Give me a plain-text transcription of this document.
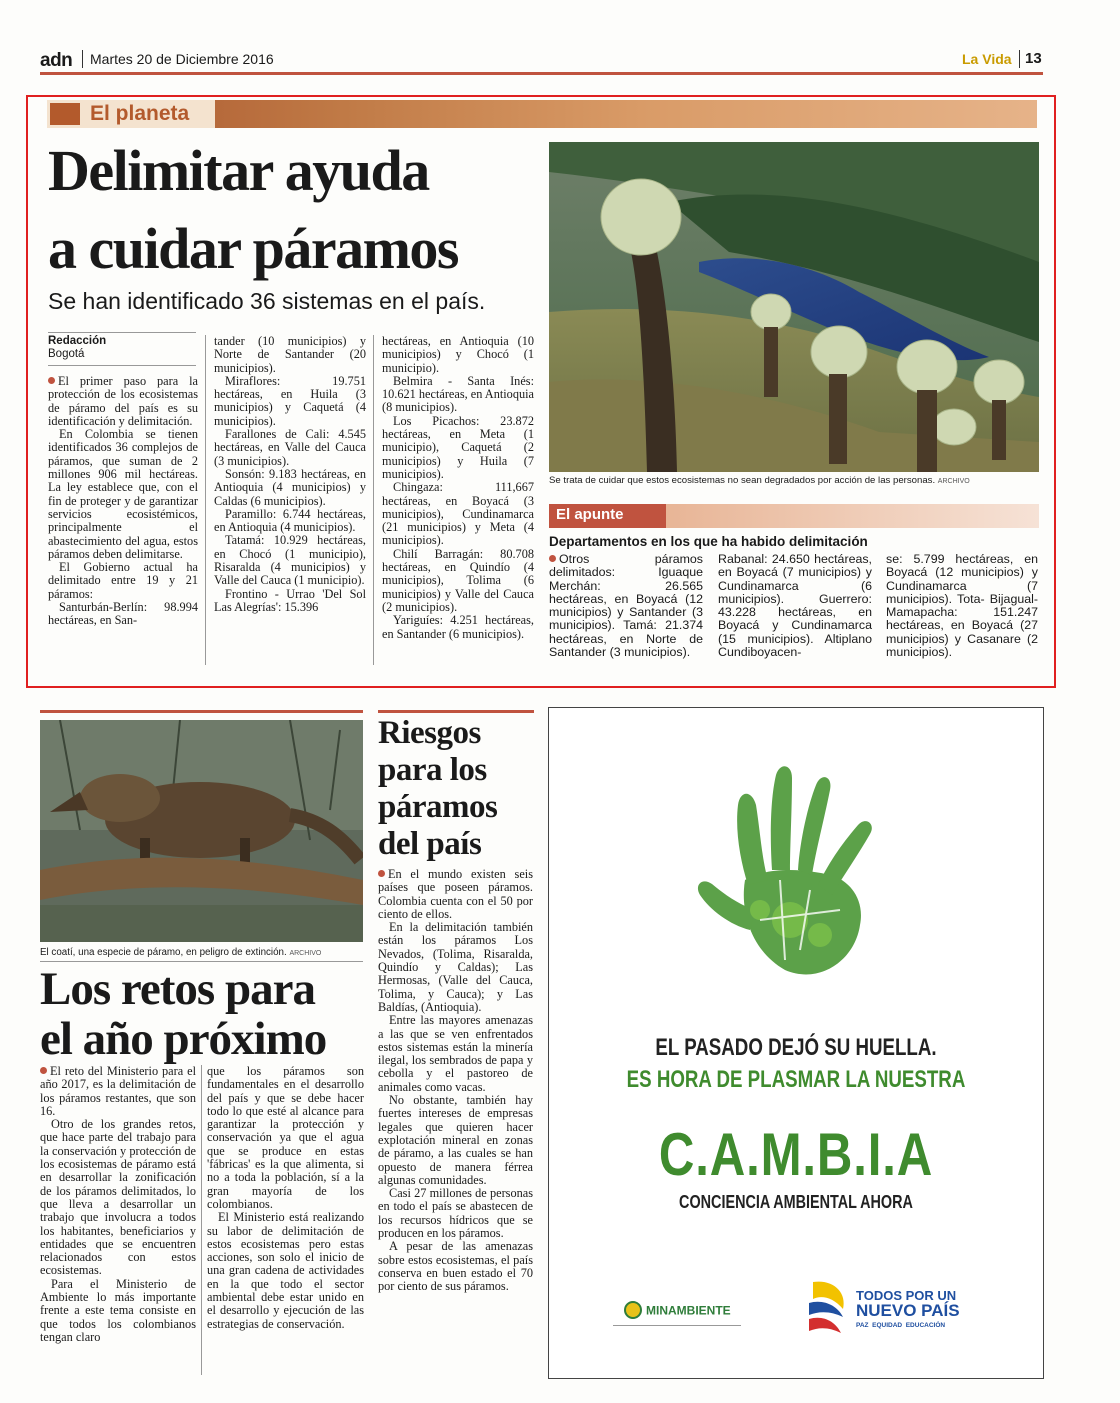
adn Martes 20 de Diciembre 2016	La Vida 13
El planeta
Delimitar ayuda
a cuidar páramos
Se han identificado 36 sistemas en el país.
Redacción
Bogotá

El primer paso para la protección de los ecosistemas de páramo del país es su identificación y delimitación.

En Colombia se tienen identificados 36 complejos de páramos, que suman de 2 millones 906 mil hectáreas. La ley establece que, con el fin de proteger y de garantizar servicios ecosistémicos, principalmente el abastecimiento del agua, estos páramos deben delimitarse.

El Gobierno actual ha delimitado entre 19 y 21 páramos:

Santurbán-Berlín: 98.994 hectáreas, en San-

tander (10 municipios) y Norte de Santander (20 municipios).

Miraflores: 19.751 hectáreas, en Huila (3 municipios) y Caquetá (4 municipios).

Farallones de Cali: 4.545 hectáreas, en Valle del Cauca (3 municipios).

Sonsón: 9.183 hectáreas, en Antioquia (4 municipios) y Caldas (6 municipios).

Paramillo: 6.744 hectáreas, en Antioquia (4 municipios).

Tatamá: 10.929 hectáreas, en Chocó (1 municipio), Risaralda (4 municipios) y Valle del Cauca (1 municipio).

Frontino - Urrao 'Del Sol Las Alegrías': 15.396

hectáreas, en Antioquia (10 municipios) y Chocó (1 municipio).

Belmira - Santa Inés: 10.621 hectáreas, en Antioquia (8 municipios).

Los Picachos: 23.872 hectáreas, en Meta (1 municipio), Caquetá (2 municipios) y Huila (7 municipios).

Chingaza: 111,667 hectáreas, en Boyacá (3 municipios), Cundinamarca (21 municipios) y Meta (4 municipios).

Chilí Barragán: 80.708 hectáreas, en Quindío (4 municipios), Tolima (6 municipios) y Valle del Cauca (2 municipios).

Yariguíes: 4.251 hectáreas, en Santander (6 municipios).

Se trata de cuidar que estos ecosistemas no sean degradados por acción de las personas. ARCHIVO
El apunte
Departamentos en los que ha habido delimitación

Otros páramos delimitados: Iguaque Merchán: 26.565 hectáreas, en Boyacá (12 municipios) y Santander (3 municipios). Tamá: 21.374 hectáreas, en Norte de Santander (3 municipios).

Rabanal: 24.650 hectáreas, en Boyacá (7 municipios) y Cundinamarca (6 municipios). Guerrero: 43.228 hectáreas, en Boyacá y Cundinamarca (15 municipios). Altiplano Cundiboyacen-

se: 5.799 hectáreas, en Boyacá (12 municipios) y Cundinamarca (7 municipios). Tota- Bijagual-Mamapacha: 151.247 hectáreas, en Boyacá (27 municipios) y Casanare (2 municipios).

El coatí, una especie de páramo, en peligro de extinción. ARCHIVO
Los retos para
el año próximo

El reto del Ministerio para el año 2017, es la delimitación de los páramos restantes, que son 16.

Otro de los grandes retos, que hace parte del trabajo para la conservación y protección de los ecosistemas de páramo está en desarrollar la zonificación de los páramos delimitados, lo que lleva a desarrollar un trabajo que involucra a todos los habitantes, beneficiarios y entidades que se encuentren relacionados con estos ecosistemas.

Para el Ministerio de Ambiente lo más importante frente a este tema consiste en que todos los colombianos tengan claro

que los páramos son fundamentales en el desarrollo del país y que se debe hacer todo lo que esté al alcance para garantizar la protección y conservación ya que el agua que se produce en estas 'fábricas' es la que alimenta, si no a toda la población, sí a la gran mayoría de los colombianos.

El Ministerio está realizando su labor de delimitación de estos ecosistemas pero estas acciones, son solo el inicio de una gran cadena de actividades en la que todo el sector ambiental debe estar unido en el desarrollo y ejecución de las estrategias de conservación.

Riesgos
para los
páramos
del país

En el mundo existen seis países que poseen páramos. Colombia cuenta con el 50 por ciento de ellos.

En la delimitación también están los páramos Los Nevados, (Tolima, Risaralda, Quindío y Caldas); Las Hermosas, (Valle del Cauca, Tolima, y Cauca); y Las Baldías, (Antioquia).

Entre las mayores amenazas a las que se ven enfrentados estos sistemas están la minería ilegal, los sembrados de papa y cebolla y el pastoreo de animales como vacas.

No obstante, también hay fuertes intereses de empresas legales que quieren hacer explotación mineral en zonas de páramo, a las cuales se han opuesto de manera férrea algunas comunidades.

Casi 27 millones de personas en todo el país se abastecen de los recursos hídricos que se producen en los páramos.

A pesar de las amenazas sobre estos ecosistemas, el país conserva en buen estado el 70 por ciento de sus páramos.

EL PASADO DEJÓ SU HUELLA.
ES HORA DE PLASMAR LA NUESTRA
C.A.M.B.I.A
CONCIENCIA AMBIENTAL AHORA
MINAMBIENTE
TODOS POR UN
NUEVO PAÍS
PAZ  EQUIDAD  EDUCACIÓN
